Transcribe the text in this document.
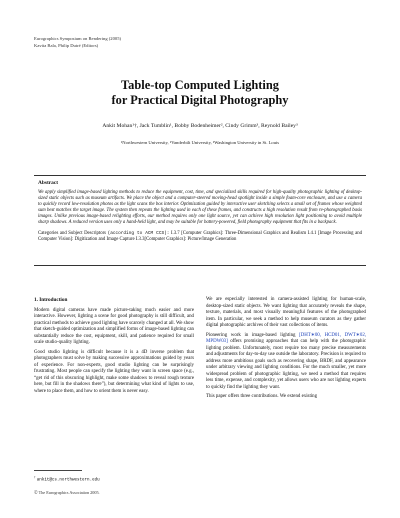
Eurographics Symposium on Rendering (2005)
Kavita Bala, Philip Dutré (Editors)
Table-top Computed Lighting
for Practical Digital Photography
Ankit Mohan¹†, Jack Tumblin¹, Bobby Bodenheimer², Cindy Grimm³, Reynold Bailey³
¹Northwestern University, ²Vanderbilt University, ³Washington University in St. Louis
Abstract
We apply simplified image-based lighting methods to reduce the equipment, cost, time, and specialized skills required for high-quality photographic lighting of desktop-sized static objects such as museum artifacts. We place the object and a computer-steered moving-head spotlight inside a simple foam-core enclosure, and use a camera to quickly record low-resolution photos as the light scans the box interior. Optimization guided by interactive user sketching selects a small set of frames whose weighted sum best matches the target image. The system then repeats the lighting used in each of these frames, and constructs a high resolution result from re-photographed basis images. Unlike previous image-based relighting efforts, our method requires only one light source, yet can achieve high resolution light positioning to avoid multiple sharp shadows. A reduced version uses only a hand-held light, and may be suitable for battery-powered, field photography equipment that fits in a backpack.
Categories and Subject Descriptors (according to ACM CCS): I.3.7 [Computer Graphics]: Three-Dimensional Graphics and Realism I.4.1 [Image Processing and Computer Vision]: Digitization and Image Capture I.3.3[Computer Graphics]: Picture/Image Generation

1. Introduction

Modern digital cameras have made picture-taking much easier and more interactive. However, lighting a scene for good photography is still difficult, and practical methods to achieve good lighting have scarcely changed at all. We show that sketch-guided optimization and simplified forms of image-based lighting can substantially reduce the cost, equipment, skill, and patience required for small scale studio-quality lighting.

Good studio lighting is difficult because it is a 4D inverse problem that photographers must solve by making successive approximations guided by years of experience. For non-experts, good studio lighting can be surprisingly frustrating. Most people can specify the lighting they want in screen space (e.g., “get rid of this obscuring highlight, make some shadows to reveal rough texture here, but fill in the shadows there”), but determining what kind of lights to use, where to place them, and how to orient them is never easy.

We are especially interested in camera-assisted lighting for human-scale, desktop-sized static objects. We want lighting that accurately reveals the shape, texture, materials, and most visually meaningful features of the photographed item. In particular, we seek a method to help museum curators as they gather digital photographic archives of their vast collections of items.

Pioneering work in image-based lighting [DHT∗00, HCD01, DWT∗02, MPDW03] offers promising approaches that can help with the photographic lighting problem. Unfortunately, most require too many precise measurements and adjustments for day-to-day use outside the laboratory. Precision is required to address more ambitious goals such as recovering shape, BRDF, and appearance under arbitrary viewing and lighting conditions. For the much smaller, yet more widespread problem of photographic lighting, we need a method that requires less time, expense, and complexity, yet allows users who are not lighting experts to quickly find the lighting they want.

This paper offers three contributions. We extend existing

† ankit@cs.northwestern.edu
© The Eurographics Association 2005.
